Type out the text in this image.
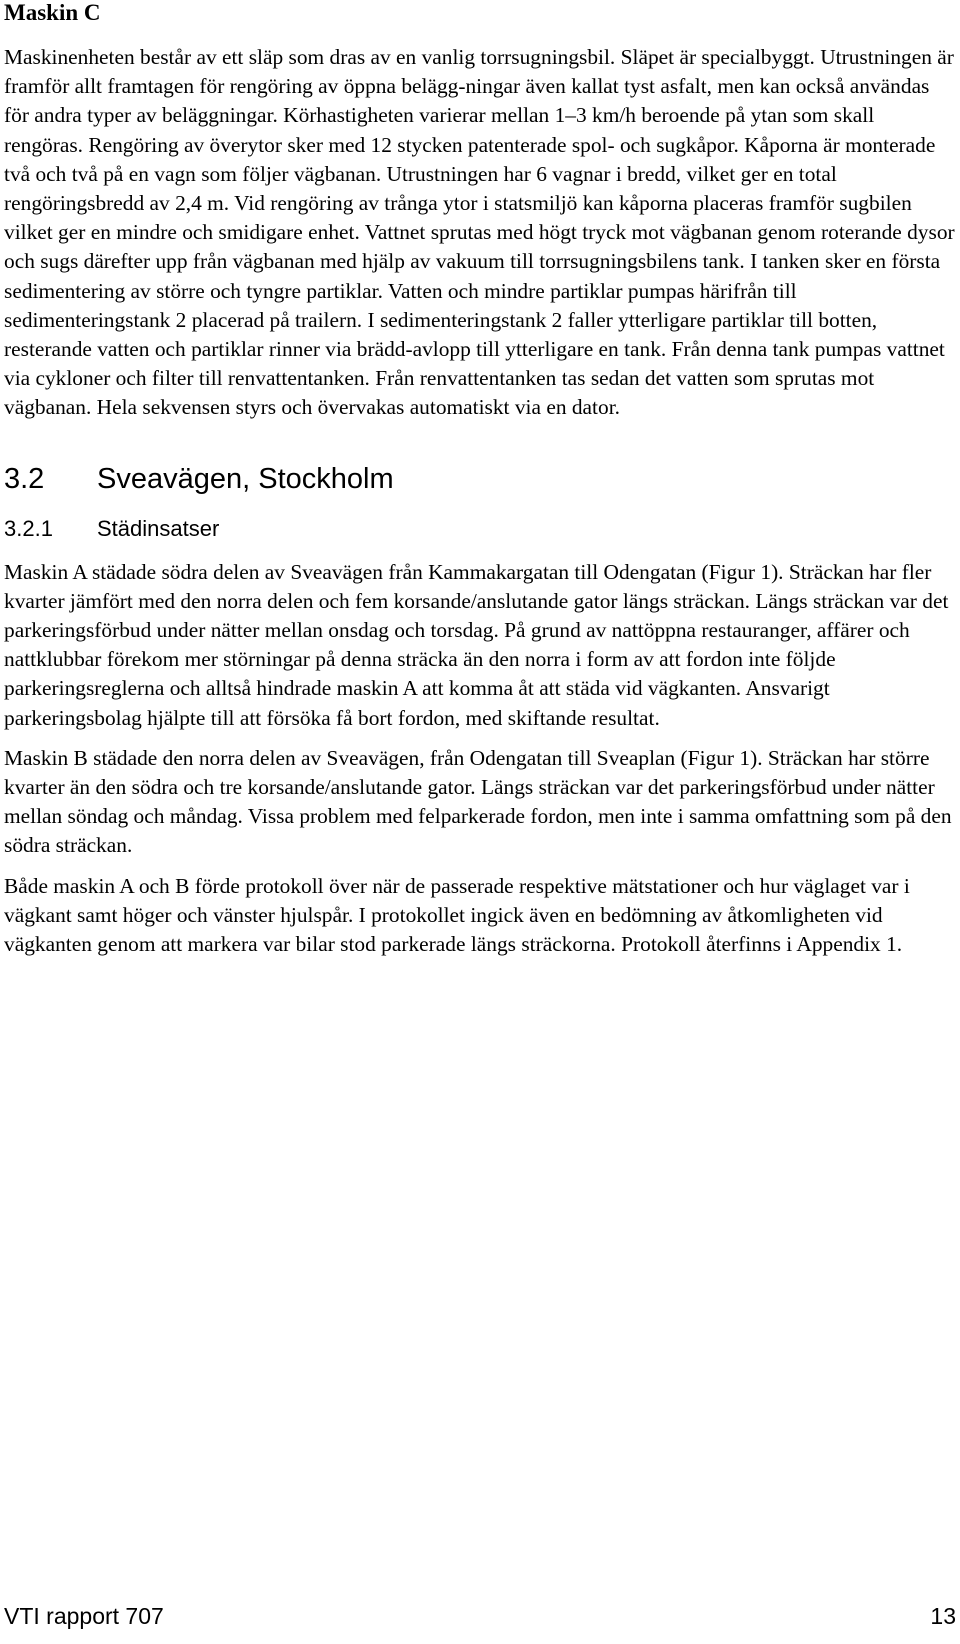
Maskin C

Maskinenheten består av ett släp som dras av en vanlig torrsugningsbil. Släpet är specialbyggt. Utrustningen är framför allt framtagen för rengöring av öppna belägg-ningar även kallat tyst asfalt, men kan också användas för andra typer av beläggningar. Körhastigheten varierar mellan 1–3 km/h beroende på ytan som skall rengöras. Rengöring av överytor sker med 12 stycken patenterade spol- och sugkåpor. Kåporna är monterade två och två på en vagn som följer vägbanan. Utrustningen har 6 vagnar i bredd, vilket ger en total rengöringsbredd av 2,4 m. Vid rengöring av trånga ytor i statsmiljö kan kåporna placeras framför sugbilen vilket ger en mindre och smidigare enhet. Vattnet sprutas med högt tryck mot vägbanan genom roterande dysor och sugs därefter upp från vägbanan med hjälp av vakuum till torrsugningsbilens tank. I tanken sker en första sedimentering av större och tyngre partiklar. Vatten och mindre partiklar pumpas härifrån till sedimenteringstank 2 placerad på trailern. I sedimenteringstank 2 faller ytterligare partiklar till botten, resterande vatten och partiklar rinner via brädd-avlopp till ytterligare en tank. Från denna tank pumpas vattnet via cykloner och filter till renvattentanken. Från renvattentanken tas sedan det vatten som sprutas mot vägbanan. Hela sekvensen styrs och övervakas automatiskt via en dator.

3.2	Sveavägen, Stockholm
3.2.1	Städinsatser

Maskin A städade södra delen av Sveavägen från Kammakargatan till Odengatan (Figur 1). Sträckan har fler kvarter jämfört med den norra delen och fem korsande/anslutande gator längs sträckan. Längs sträckan var det parkeringsförbud under nätter mellan onsdag och torsdag. På grund av nattöppna restauranger, affärer och nattklubbar förekom mer störningar på denna sträcka än den norra i form av att fordon inte följde parkeringsreglerna och alltså hindrade maskin A att komma åt att städa vid vägkanten. Ansvarigt parkeringsbolag hjälpte till att försöka få bort fordon, med skiftande resultat.

Maskin B städade den norra delen av Sveavägen, från Odengatan till Sveaplan (Figur 1). Sträckan har större kvarter än den södra och tre korsande/anslutande gator. Längs sträckan var det parkeringsförbud under nätter mellan söndag och måndag. Vissa problem med felparkerade fordon, men inte i samma omfattning som på den södra sträckan.

Både maskin A och B förde protokoll över när de passerade respektive mätstationer och hur väglaget var i vägkant samt höger och vänster hjulspår. I protokollet ingick även en bedömning av åtkomligheten vid vägkanten genom att markera var bilar stod parkerade längs sträckorna. Protokoll återfinns i Appendix 1.

VTI rapport 707	13
